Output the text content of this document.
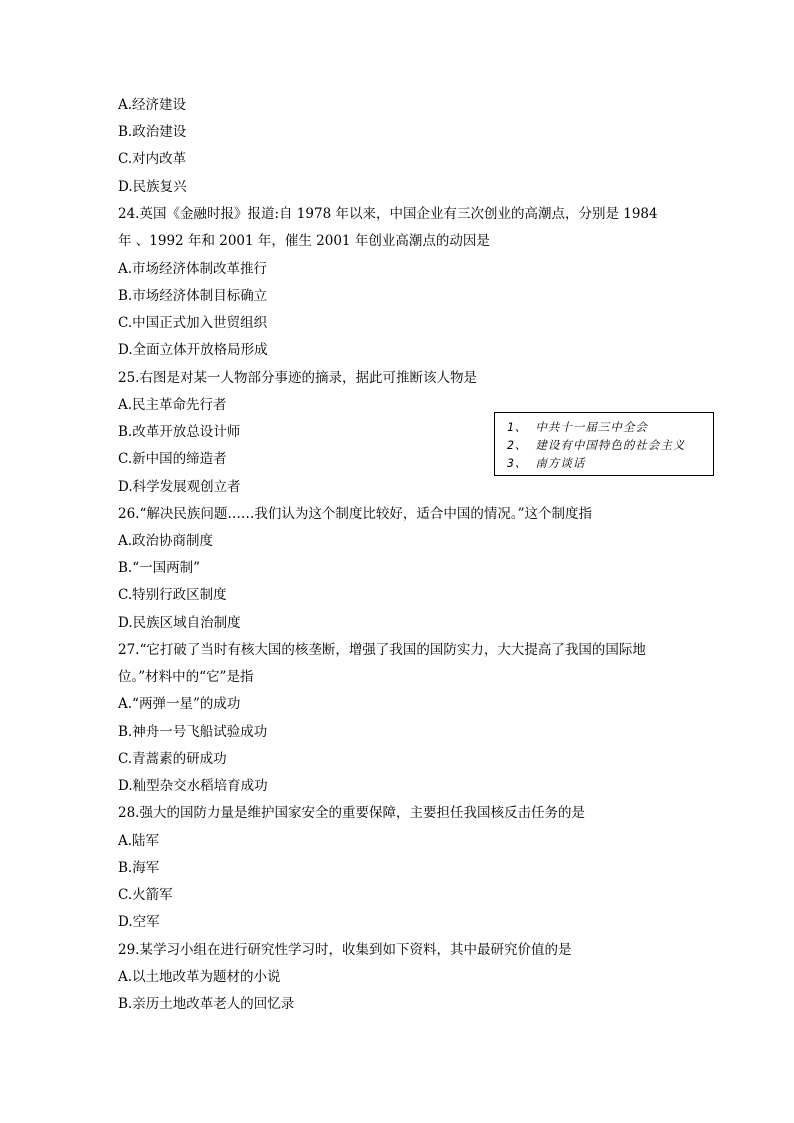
A.经济建设
B.政治建设
C.对内改革
D.民族复兴
24.英国《金融时报》报道:自 1978 年以来，中国企业有三次创业的高潮点，分别是 1984
年 、1992 年和 2001 年，催生 2001 年创业高潮点的动因是
A.市场经济体制改革推行
B.市场经济体制目标确立
C.中国正式加入世贸组织
D.全面立体开放格局形成
25.右图是对某一人物部分事迹的摘录，据此可推断该人物是
A.民主革命先行者
B.改革开放总设计师
C.新中国的缔造者
D.科学发展观创立者
1、 中共十一届三中全会
2、 建设有中国特色的社会主义
3、 南方谈话
26.“解决民族问题……我们认为这个制度比较好，适合中国的情况。”这个制度指
A.政治协商制度
B.“一国两制”
C.特别行政区制度
D.民族区域自治制度
27.“它打破了当时有核大国的核垄断，增强了我国的国防实力，大大提高了我国的国际地
位。”材料中的“它”是指
A.“两弹一星”的成功
B.神舟一号飞船试验成功
C.青蒿素的研成功
D.籼型杂交水稻培育成功
28.强大的国防力量是维护国家安全的重要保障，主要担任我国核反击任务的是
A.陆军
B.海军
C.火箭军
D.空军
29.某学习小组在进行研究性学习时，收集到如下资料，其中最研究价值的是
A.以土地改革为题材的小说
B.亲历土地改革老人的回忆录
